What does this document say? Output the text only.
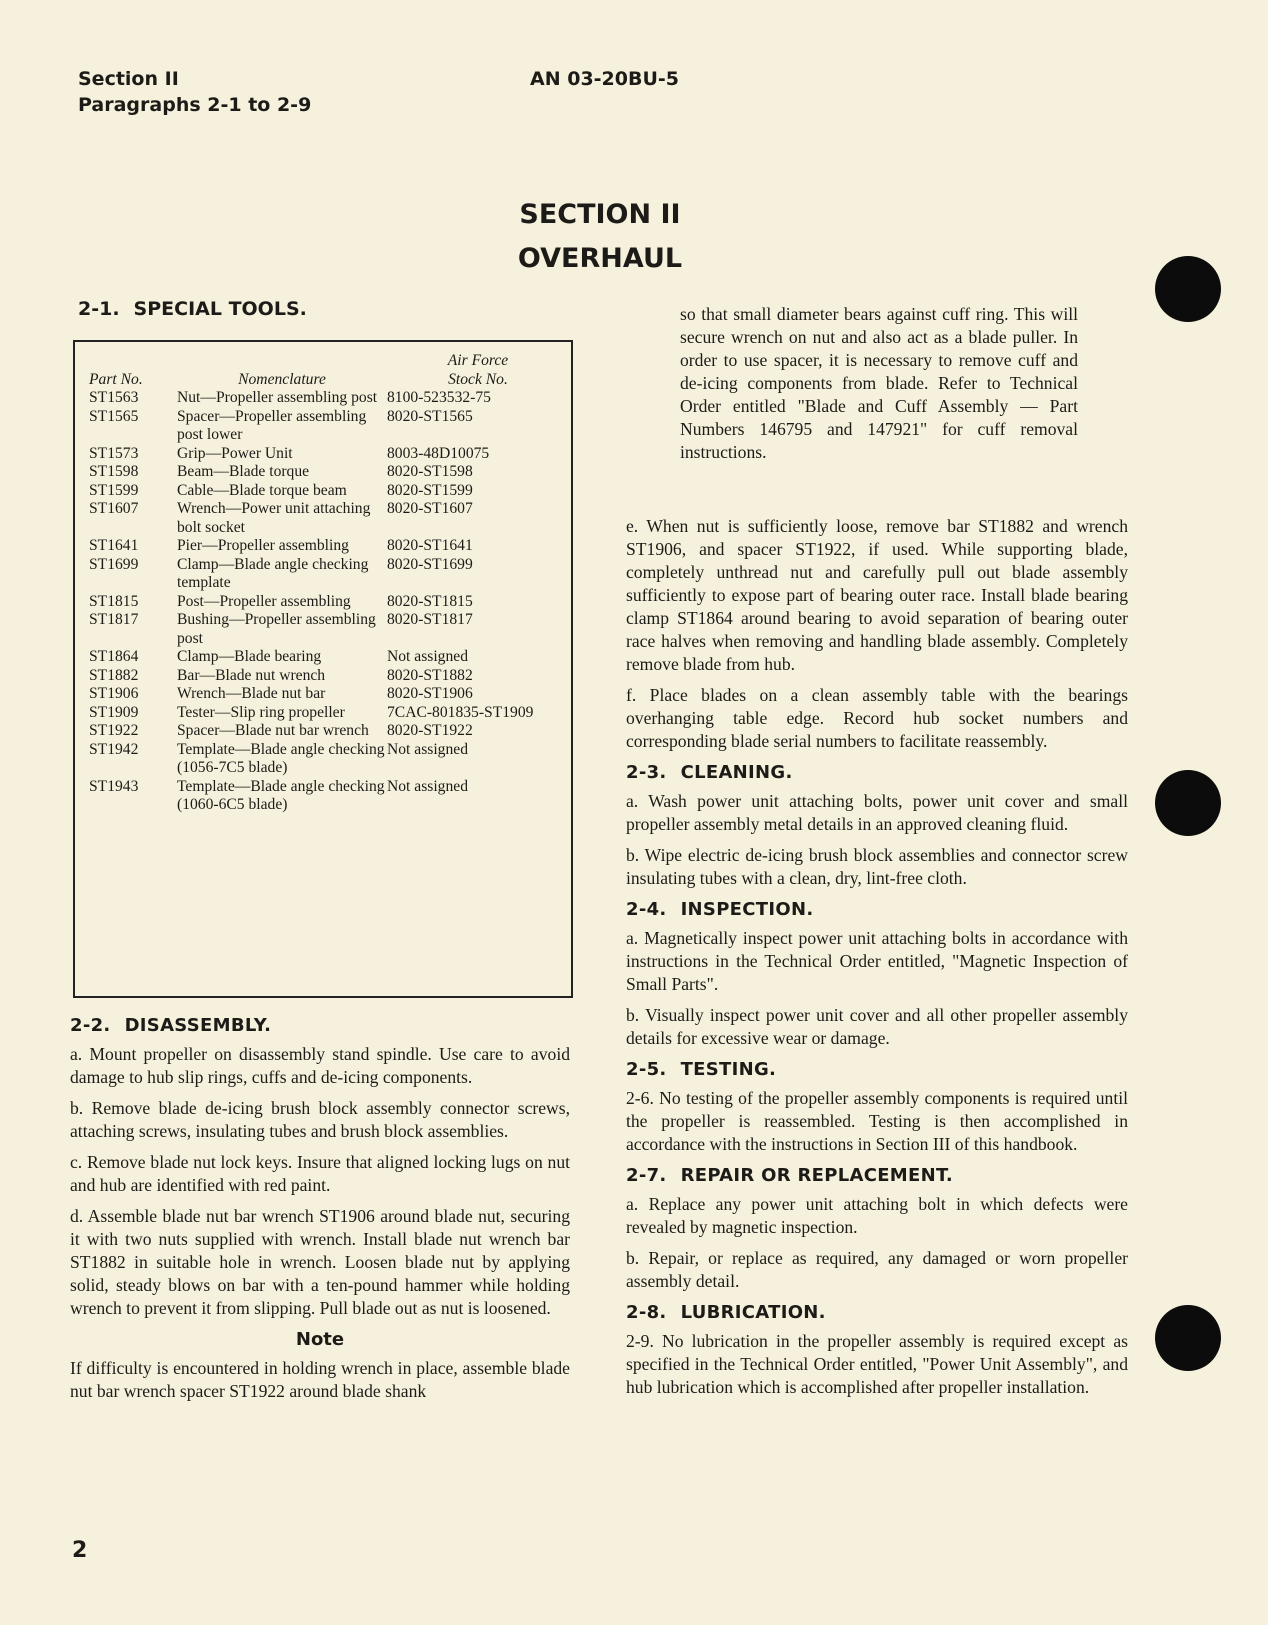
Section II
Paragraphs 2-1 to 2-9
AN 03-20BU-5
SECTION II
OVERHAUL
2-1. SPECIAL TOOLS.
		Air Force
Part No.	Nomenclature	Stock No.
ST1563	Nut—Propeller assembling post	8100-523532-75
ST1565	Spacer—Propeller assembling post lower	8020-ST1565
ST1573	Grip—Power Unit	8003-48D10075
ST1598	Beam—Blade torque	8020-ST1598
ST1599	Cable—Blade torque beam	8020-ST1599
ST1607	Wrench—Power unit attaching bolt socket	8020-ST1607
ST1641	Pier—Propeller assembling	8020-ST1641
ST1699	Clamp—Blade angle checking template	8020-ST1699
ST1815	Post—Propeller assembling	8020-ST1815
ST1817	Bushing—Propeller assembling post	8020-ST1817
ST1864	Clamp—Blade bearing	Not assigned
ST1882	Bar—Blade nut wrench	8020-ST1882
ST1906	Wrench—Blade nut bar	8020-ST1906
ST1909	Tester—Slip ring propeller	7CAC-801835-ST1909
ST1922	Spacer—Blade nut bar wrench	8020-ST1922
ST1942	Template—Blade angle checking (1056-7C5 blade)	Not assigned
ST1943	Template—Blade angle checking (1060-6C5 blade)	Not assigned
2-2. DISASSEMBLY.

a. Mount propeller on disassembly stand spindle. Use care to avoid damage to hub slip rings, cuffs and de-icing components.

b. Remove blade de-icing brush block assembly connector screws, attaching screws, insulating tubes and brush block assemblies.

c. Remove blade nut lock keys. Insure that aligned locking lugs on nut and hub are identified with red paint.

d. Assemble blade nut bar wrench ST1906 around blade nut, securing it with two nuts supplied with wrench. Install blade nut wrench bar ST1882 in suitable hole in wrench. Loosen blade nut by applying solid, steady blows on bar with a ten-pound hammer while holding wrench to prevent it from slipping. Pull blade out as nut is loosened.

Note

If difficulty is encountered in holding wrench in place, assemble blade nut bar wrench spacer ST1922 around blade shank

so that small diameter bears against cuff ring. This will secure wrench on nut and also act as a blade puller. In order to use spacer, it is necessary to remove cuff and de-icing components from blade. Refer to Technical Order entitled "Blade and Cuff Assembly — Part Numbers 146795 and 147921" for cuff removal instructions.

e. When nut is sufficiently loose, remove bar ST1882 and wrench ST1906, and spacer ST1922, if used. While supporting blade, completely unthread nut and carefully pull out blade assembly sufficiently to expose part of bearing outer race. Install blade bearing clamp ST1864 around bearing to avoid separation of bearing outer race halves when removing and handling blade assembly. Completely remove blade from hub.

f. Place blades on a clean assembly table with the bearings overhanging table edge. Record hub socket numbers and corresponding blade serial numbers to facilitate reassembly.

2-3. CLEANING.

a. Wash power unit attaching bolts, power unit cover and small propeller assembly metal details in an approved cleaning fluid.

b. Wipe electric de-icing brush block assemblies and connector screw insulating tubes with a clean, dry, lint-free cloth.

2-4. INSPECTION.

a. Magnetically inspect power unit attaching bolts in accordance with instructions in the Technical Order entitled, "Magnetic Inspection of Small Parts".

b. Visually inspect power unit cover and all other propeller assembly details for excessive wear or damage.

2-5. TESTING.

2-6. No testing of the propeller assembly components is required until the propeller is reassembled. Testing is then accomplished in accordance with the instructions in Section III of this handbook.

2-7. REPAIR OR REPLACEMENT.

a. Replace any power unit attaching bolt in which defects were revealed by magnetic inspection.

b. Repair, or replace as required, any damaged or worn propeller assembly detail.

2-8. LUBRICATION.

2-9. No lubrication in the propeller assembly is required except as specified in the Technical Order entitled, "Power Unit Assembly", and hub lubrication which is accomplished after propeller installation.

2
